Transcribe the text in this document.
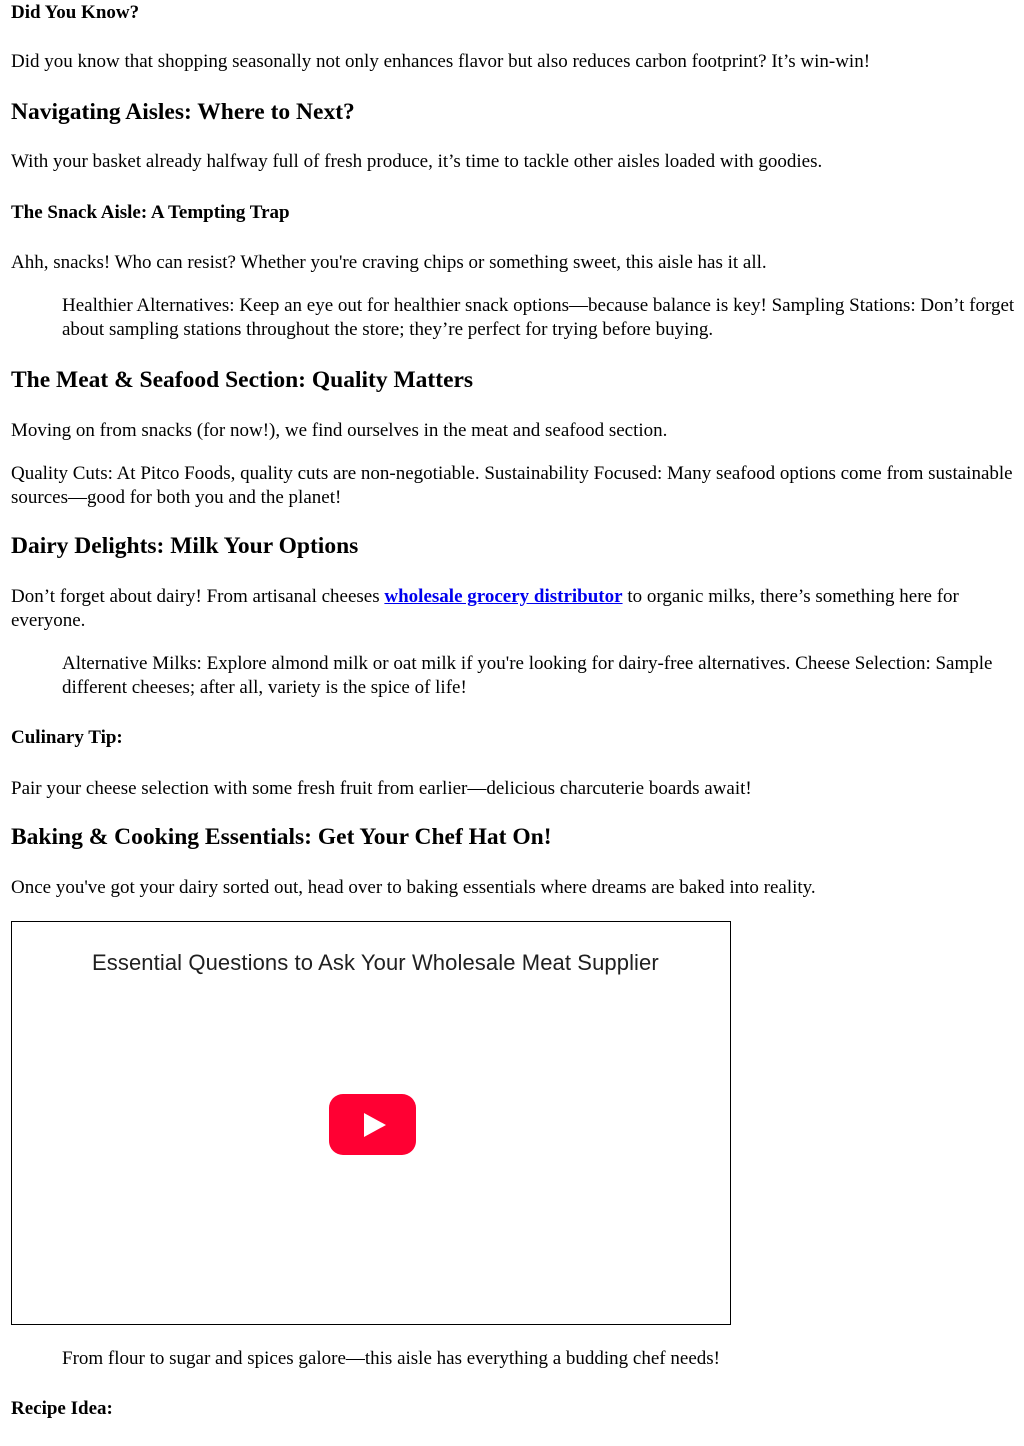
Did You Know?
Did you know that shopping seasonally not only enhances flavor but also reduces carbon footprint? It’s win-win!
Navigating Aisles: Where to Next?
With your basket already halfway full of fresh produce, it’s time to tackle other aisles loaded with goodies.
The Snack Aisle: A Tempting Trap
Ahh, snacks! Who can resist? Whether you're craving chips or something sweet, this aisle has it all.
Healthier Alternatives: Keep an eye out for healthier snack options—because balance is key! Sampling Stations: Don’t forget about sampling stations throughout the store; they’re perfect for trying before buying.
The Meat & Seafood Section: Quality Matters
Moving on from snacks (for now!), we find ourselves in the meat and seafood section.
Quality Cuts: At Pitco Foods, quality cuts are non-negotiable. Sustainability Focused: Many seafood options come from sustainable sources—good for both you and the planet!
Dairy Delights: Milk Your Options
Don’t forget about dairy! From artisanal cheeses wholesale grocery distributor to organic milks, there’s something here for everyone.
Alternative Milks: Explore almond milk or oat milk if you're looking for dairy-free alternatives. Cheese Selection: Sample different cheeses; after all, variety is the spice of life!
Culinary Tip:
Pair your cheese selection with some fresh fruit from earlier—delicious charcuterie boards await!
Baking & Cooking Essentials: Get Your Chef Hat On!
Once you've got your dairy sorted out, head over to baking essentials where dreams are baked into reality.
Essential Questions to Ask Your Wholesale Meat Supplier
From flour to sugar and spices galore—this aisle has everything a budding chef needs!
Recipe Idea:
